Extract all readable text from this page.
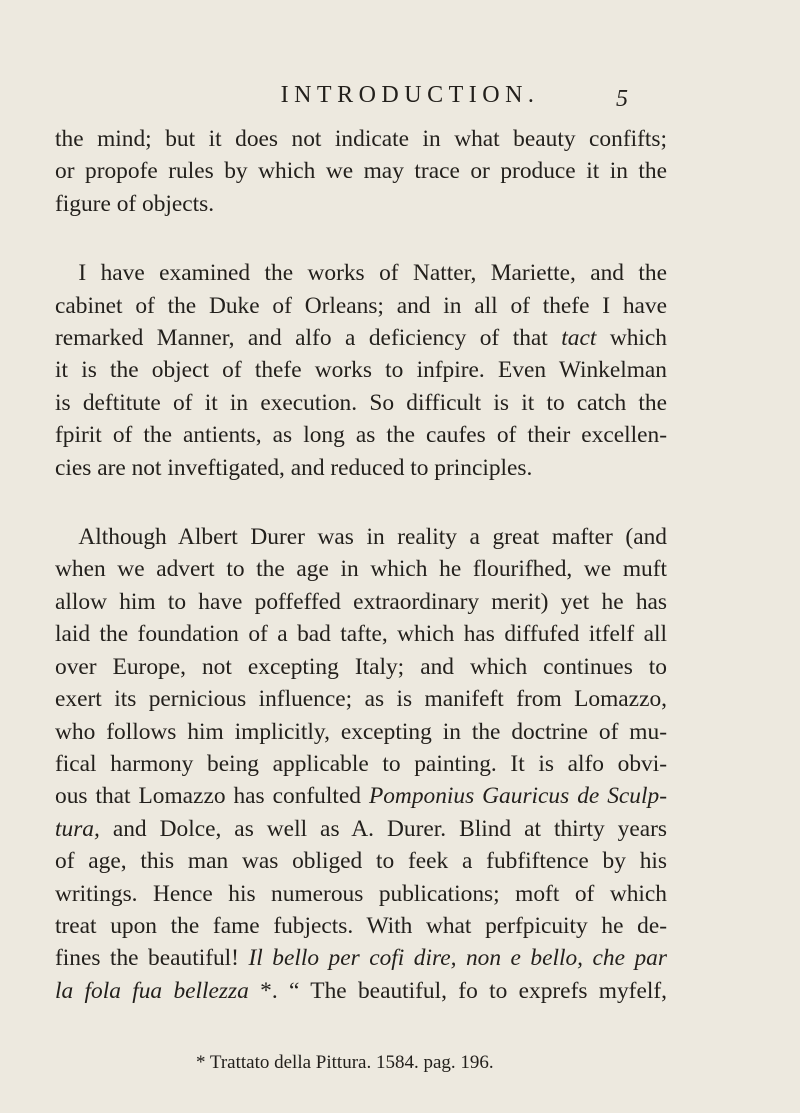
INTRODUCTION.	5
the mind; but it does not indicate in what beauty confifts;
or propofe rules by which we may trace or produce it in the
figure of objects.
 I have examined the works of Natter, Mariette, and the
cabinet of the Duke of Orleans; and in all of thefe I have
remarked Manner, and alfo a deficiency of that tact which
it is the object of thefe works to infpire. Even Winkelman
is deftitute of it in execution. So difficult is it to catch the
fpirit of the antients, as long as the caufes of their excellen-
cies are not inveftigated, and reduced to principles.
 Although Albert Durer was in reality a great mafter (and
when we advert to the age in which he flourifhed, we muft
allow him to have poffeffed extraordinary merit) yet he has
laid the foundation of a bad tafte, which has diffufed itfelf all
over Europe, not excepting Italy; and which continues to
exert its pernicious influence; as is manifeft from Lomazzo,
who follows him implicitly, excepting in the doctrine of mu-
fical harmony being applicable to painting. It is alfo obvi-
ous that Lomazzo has confulted Pomponius Gauricus de Sculp-
tura, and Dolce, as well as A. Durer. Blind at thirty years
of age, this man was obliged to feek a fubfiftence by his
writings. Hence his numerous publications; moft of which
treat upon the fame fubjects. With what perfpicuity he de-
fines the beautiful! Il bello per cofi dire, non e bello, che par
la fola fua bellezza *. “ The beautiful, fo to exprefs myfelf,
* Trattato della Pittura. 1584. pag. 196.
